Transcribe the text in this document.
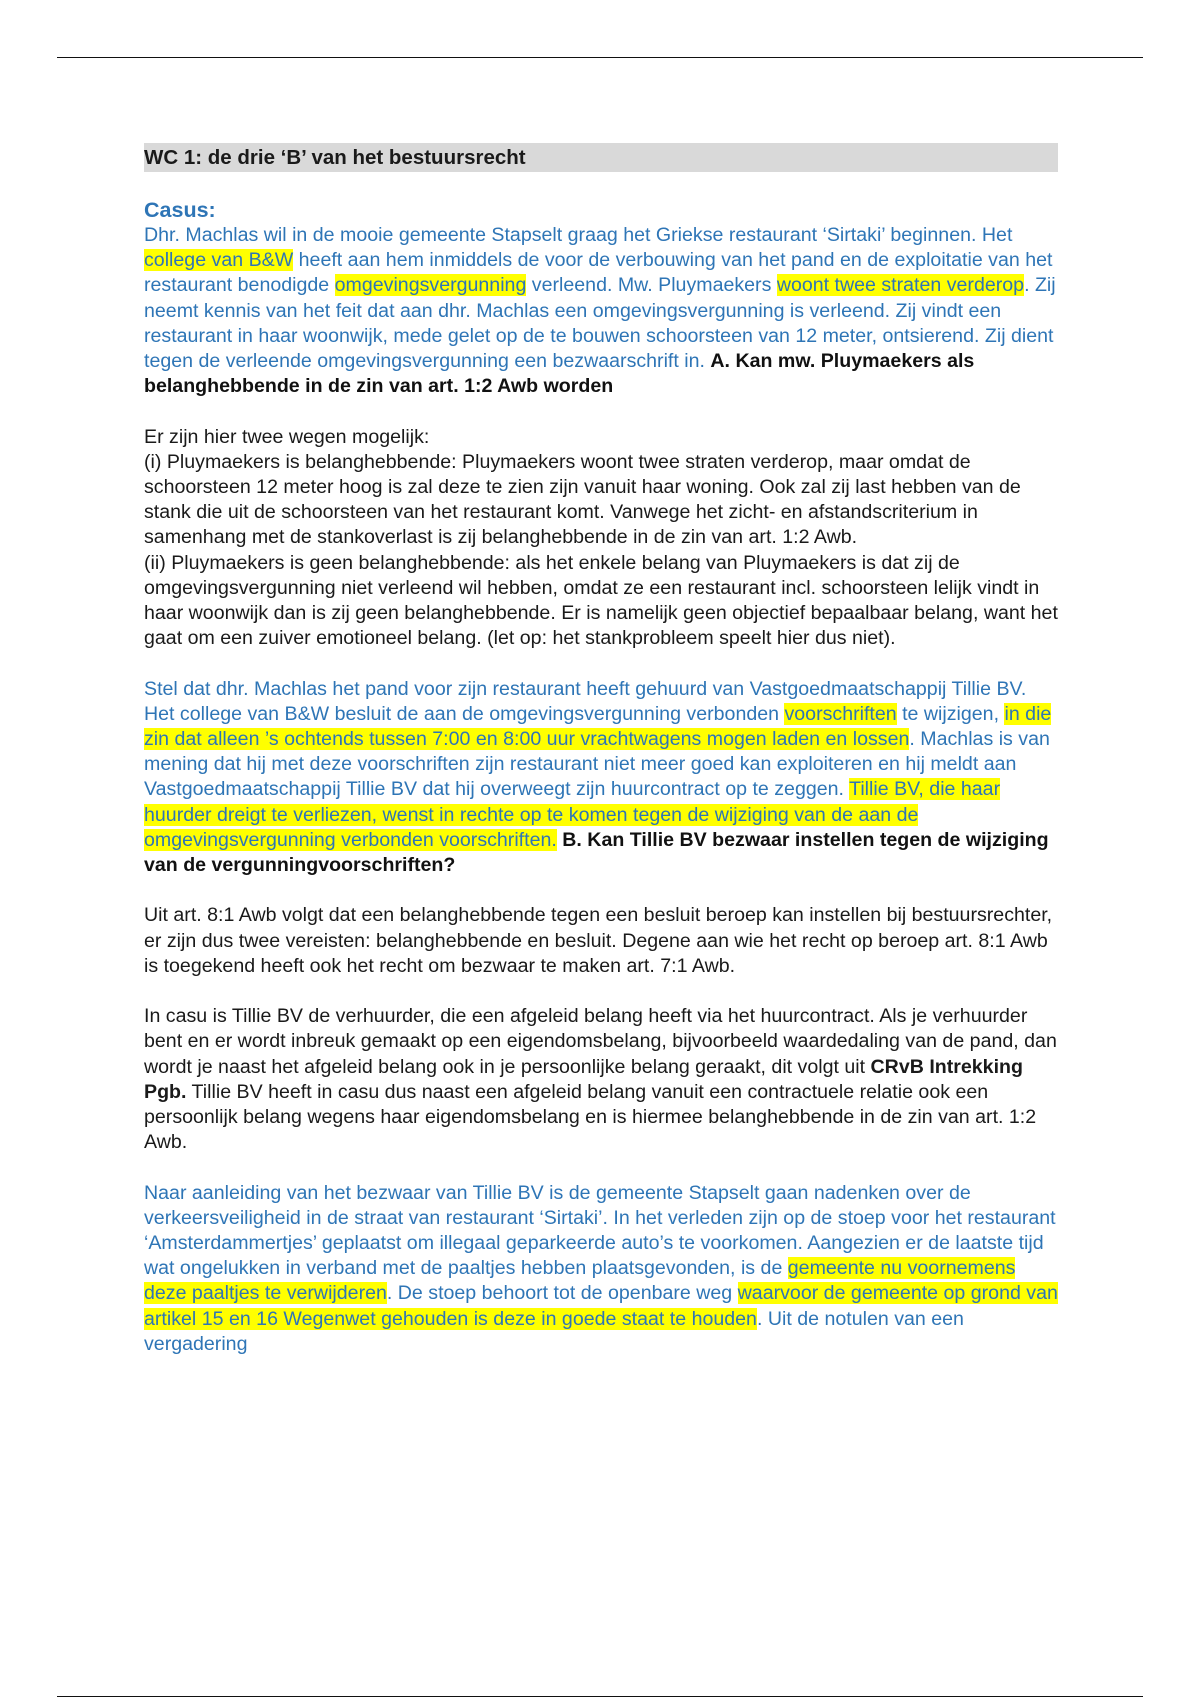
WC 1: de drie ‘B’ van het bestuursrecht
Casus:

Dhr. Machlas wil in de mooie gemeente Stapselt graag het Griekse restaurant ‘Sirtaki’ beginnen. Het college van B&W heeft aan hem inmiddels de voor de verbouwing van het pand en de exploitatie van het restaurant benodigde omgevingsvergunning verleend. Mw. Pluymaekers woont twee straten verderop. Zij neemt kennis van het feit dat aan dhr. Machlas een omgevingsvergunning is verleend. Zij vindt een restaurant in haar woonwijk, mede gelet op de te bouwen schoorsteen van 12 meter, ontsierend. Zij dient tegen de verleende omgevingsvergunning een bezwaarschrift in. A. Kan mw. Pluymaekers als belanghebbende in de zin van art. 1:2 Awb worden

Er zijn hier twee wegen mogelijk:

(i) Pluymaekers is belanghebbende: Pluymaekers woont twee straten verderop, maar omdat de schoorsteen 12 meter hoog is zal deze te zien zijn vanuit haar woning. Ook zal zij last hebben van de stank die uit de schoorsteen van het restaurant komt. Vanwege het zicht- en afstandscriterium in samenhang met de stankoverlast is zij belanghebbende in de zin van art. 1:2 Awb.

(ii) Pluymaekers is geen belanghebbende: als het enkele belang van Pluymaekers is dat zij de omgevingsvergunning niet verleend wil hebben, omdat ze een restaurant incl. schoorsteen lelijk vindt in haar woonwijk dan is zij geen belanghebbende. Er is namelijk geen objectief bepaalbaar belang, want het gaat om een zuiver emotioneel belang. (let op: het stankprobleem speelt hier dus niet).

Stel dat dhr. Machlas het pand voor zijn restaurant heeft gehuurd van Vastgoedmaatschappij Tillie BV. Het college van B&W besluit de aan de omgevingsvergunning verbonden voorschriften te wijzigen, in die zin dat alleen ’s ochtends tussen 7:00 en 8:00 uur vrachtwagens mogen laden en lossen. Machlas is van mening dat hij met deze voorschriften zijn restaurant niet meer goed kan exploiteren en hij meldt aan Vastgoedmaatschappij Tillie BV dat hij overweegt zijn huurcontract op te zeggen. Tillie BV, die haar huurder dreigt te verliezen, wenst in rechte op te komen tegen de wijziging van de aan de omgevingsvergunning verbonden voorschriften. B. Kan Tillie BV bezwaar instellen tegen de wijziging van de vergunningvoorschriften?

Uit art. 8:1 Awb volgt dat een belanghebbende tegen een besluit beroep kan instellen bij bestuursrechter, er zijn dus twee vereisten: belanghebbende en besluit. Degene aan wie het recht op beroep art. 8:1 Awb is toegekend heeft ook het recht om bezwaar te maken art. 7:1 Awb.

In casu is Tillie BV de verhuurder, die een afgeleid belang heeft via het huurcontract. Als je verhuurder bent en er wordt inbreuk gemaakt op een eigendomsbelang, bijvoorbeeld waardedaling van de pand, dan wordt je naast het afgeleid belang ook in je persoonlijke belang geraakt, dit volgt uit CRvB Intrekking Pgb. Tillie BV heeft in casu dus naast een afgeleid belang vanuit een contractuele relatie ook een persoonlijk belang wegens haar eigendomsbelang en is hiermee belanghebbende in de zin van art. 1:2 Awb.

Naar aanleiding van het bezwaar van Tillie BV is de gemeente Stapselt gaan nadenken over de verkeersveiligheid in de straat van restaurant ‘Sirtaki’. In het verleden zijn op de stoep voor het restaurant ‘Amsterdammertjes’ geplaatst om illegaal geparkeerde auto’s te voorkomen. Aangezien er de laatste tijd wat ongelukken in verband met de paaltjes hebben plaatsgevonden, is de gemeente nu voornemens deze paaltjes te verwijderen. De stoep behoort tot de openbare weg waarvoor de gemeente op grond van artikel 15 en 16 Wegenwet gehouden is deze in goede staat te houden. Uit de notulen van een vergadering
